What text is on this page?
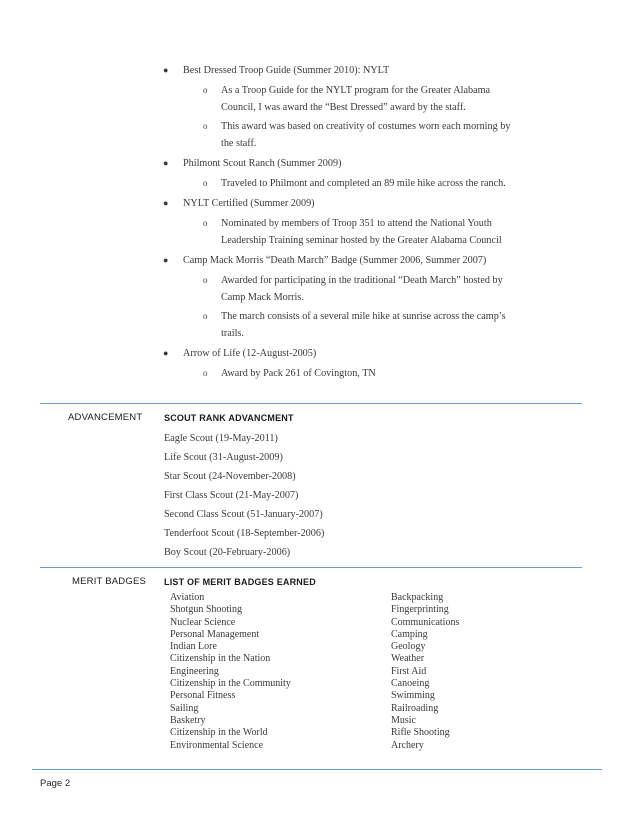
● Best Dressed Troop Guide (Summer 2010): NYLT
o As a Troop Guide for the NYLT program for the Greater Alabama Council, I was award the “Best Dressed” award by the staff.
o This award was based on creativity of costumes worn each morning by the staff.
● Philmont Scout Ranch (Summer 2009)
o Traveled to Philmont and completed an 89 mile hike across the ranch.
● NYLT Certified (Summer 2009)
o Nominated by members of Troop 351 to attend the National Youth Leadership Training seminar hosted by the Greater Alabama Council
● Camp Mack Morris “Death March” Badge (Summer 2006, Summer 2007)
o Awarded for participating in the traditional “Death March” hosted by Camp Mack Morris.
o The march consists of a several mile hike at sunrise across the camp’s trails.
● Arrow of Life (12-August-2005)
o Award by Pack 261 of Covington, TN
ADVANCEMENT SCOUT RANK ADVANCMENT
Eagle Scout (19-May-2011)
Life Scout (31-August-2009)
Star Scout (24-November-2008)
First Class Scout (21-May-2007)
Second Class Scout (51-January-2007)
Tenderfoot Scout (18-September-2006)
Boy Scout (20-February-2006)
MERIT BADGES LIST OF MERIT BADGES EARNED
Aviation
Shotgun Shooting
Nuclear Science
Personal Management
Indian Lore
Citizenship in the Nation
Engineering
Citizenship in the Community
Personal Fitness
Sailing
Basketry
Citizenship in the World
Environmental Science
Backpacking
Fingerprinting
Communications
Camping
Geology
Weather
First Aid
Canoeing
Swimming
Railroading
Music
Rifle Shooting
Archery
Page 2
